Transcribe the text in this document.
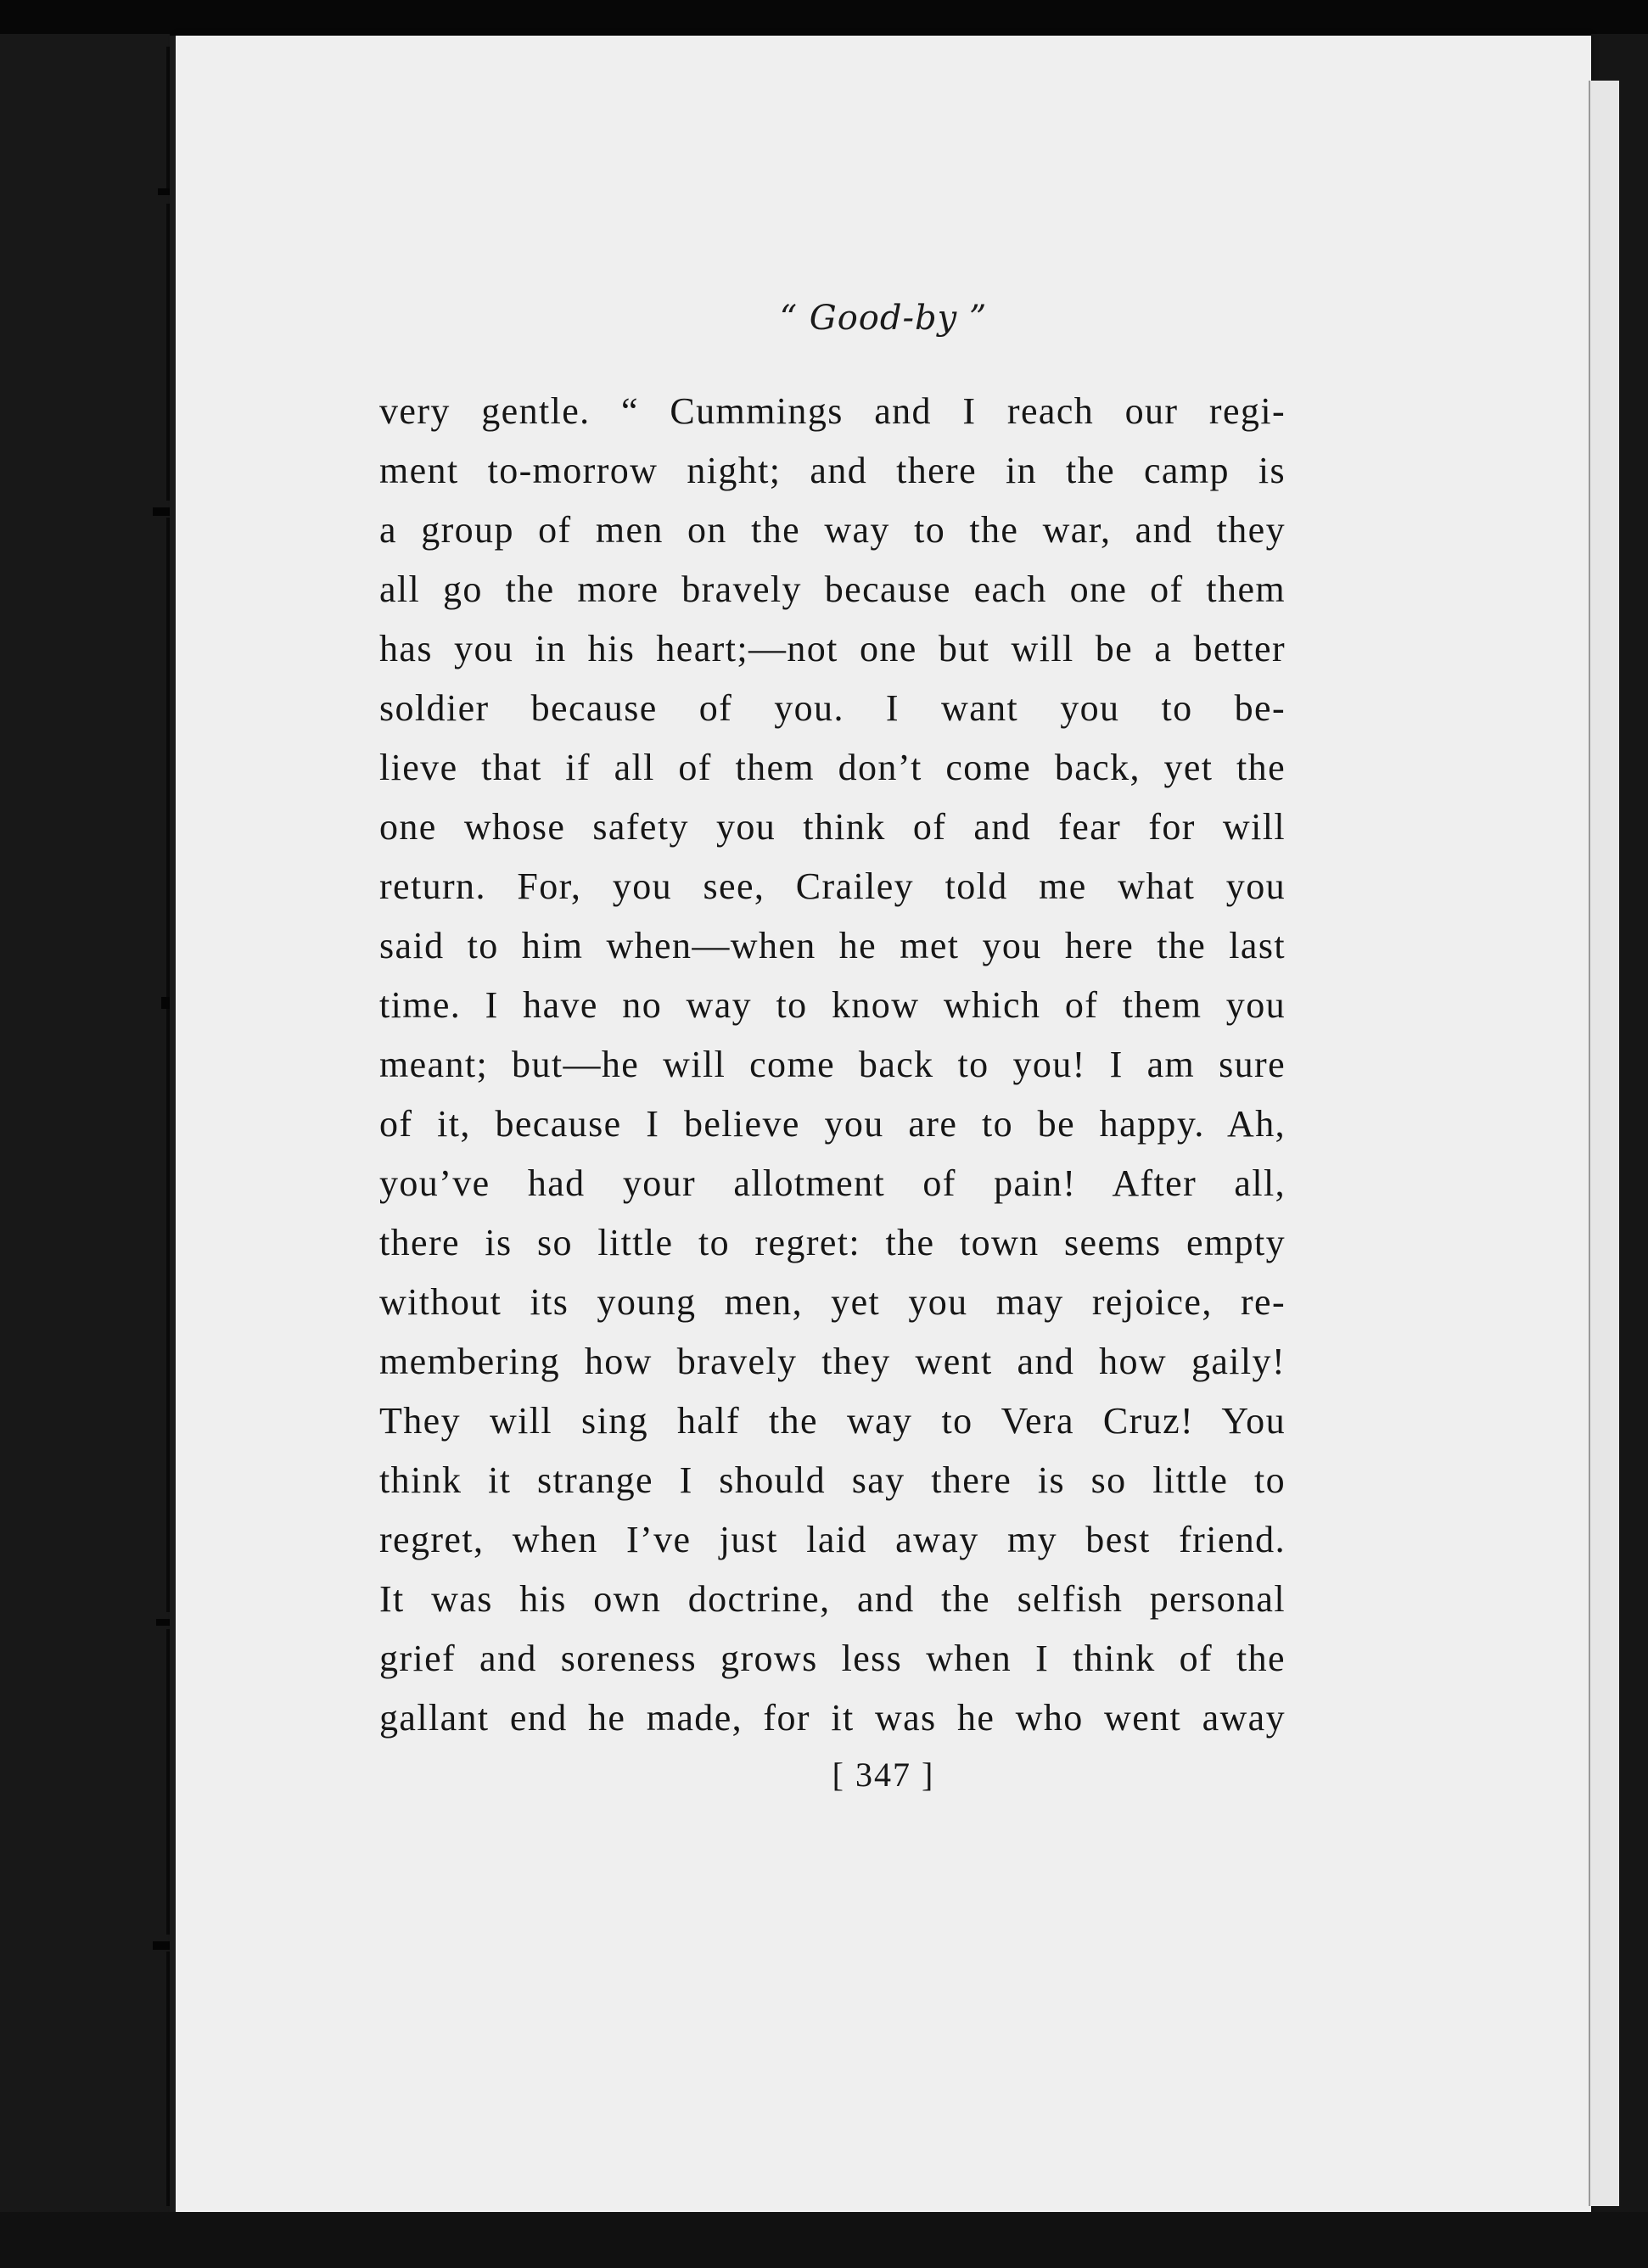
“ Good-by ”
very gentle. “ Cummings and I reach our regi-
ment to-morrow night; and there in the camp is
a group of men on the way to the war, and they
all go the more bravely because each one of them
has you in his heart;—not one but will be a better
soldier because of you. I want you to be-
lieve that if all of them don’t come back, yet the
one whose safety you think of and fear for will
return. For, you see, Crailey told me what you
said to him when—when he met you here the last
time. I have no way to know which of them you
meant; but—he will come back to you! I am sure
of it, because I believe you are to be happy. Ah,
you’ve had your allotment of pain! After all,
there is so little to regret: the town seems empty
without its young men, yet you may rejoice, re-
membering how bravely they went and how gaily!
They will sing half the way to Vera Cruz! You
think it strange I should say there is so little to
regret, when I’ve just laid away my best friend.
It was his own doctrine, and the selfish personal
grief and soreness grows less when I think of the
gallant end he made, for it was he who went away
[ 347 ]
